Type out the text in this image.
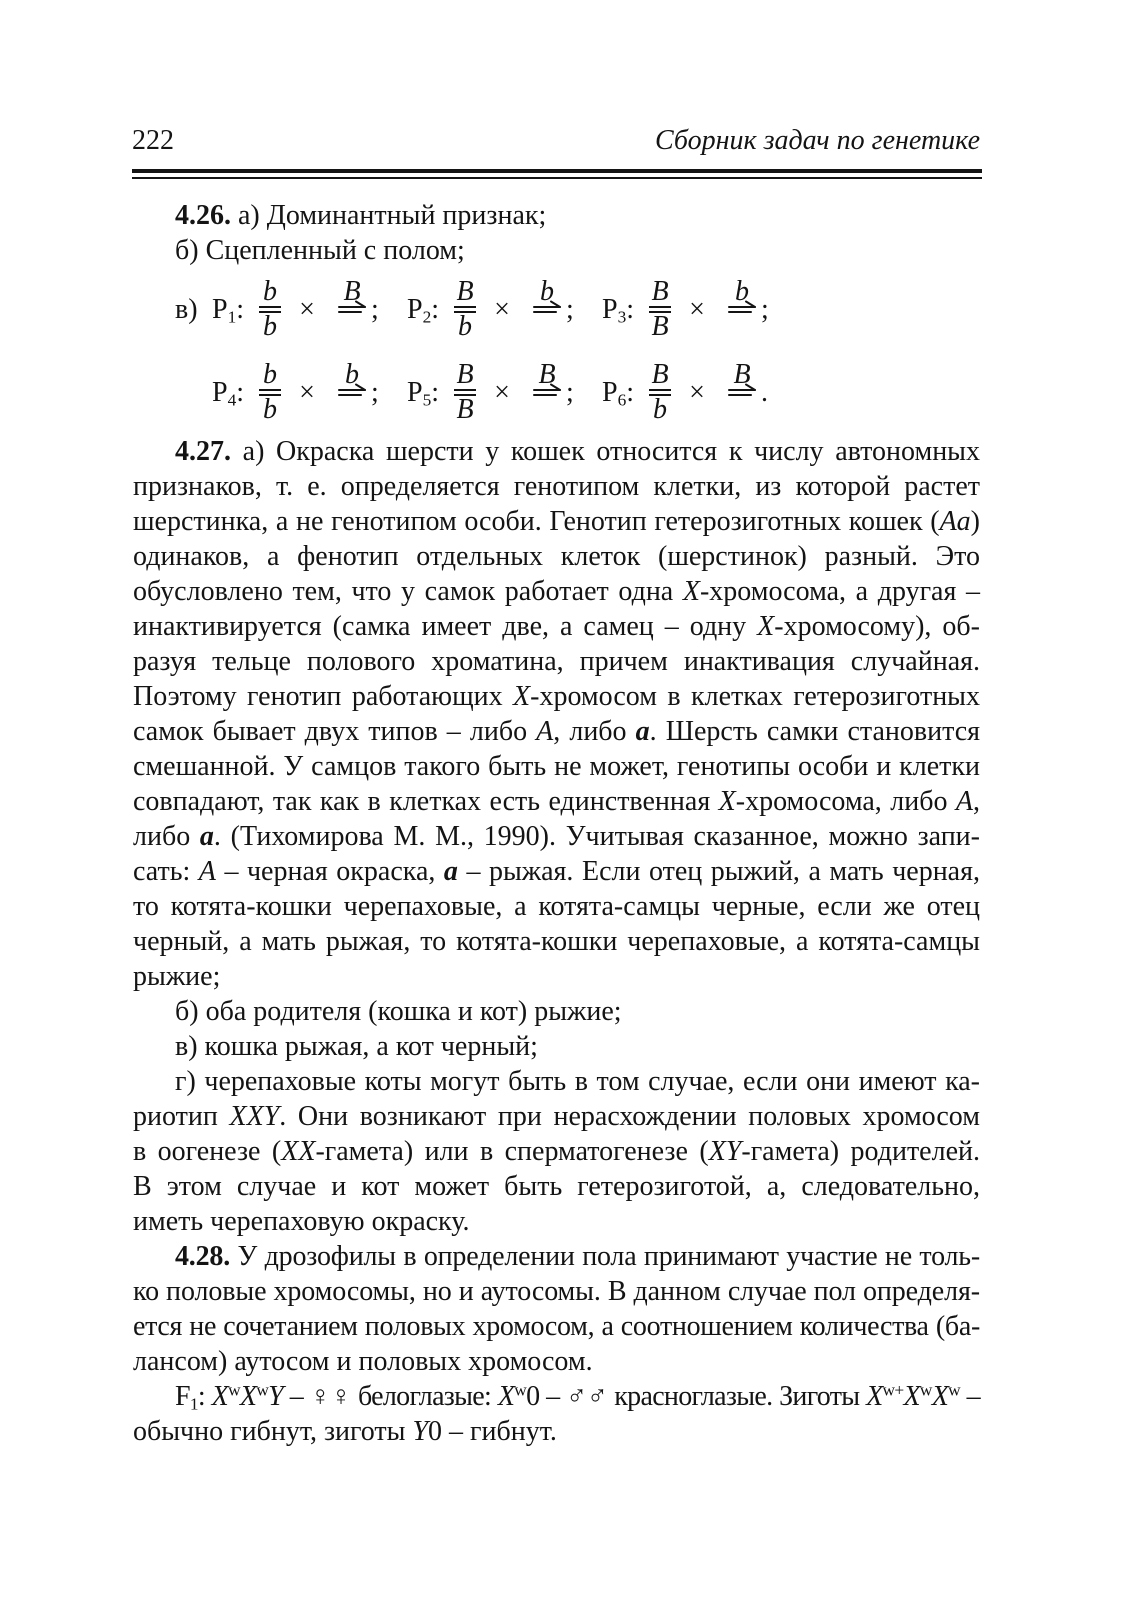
222	Сборник задач по генетике
4.26. а) Доминантный признак;
б) Сцепленный с полом;
в) $P_1$:
b
b
×
B
; $P_2$:
B
b
×
b
; $P_3$:
B
B
×
b
;
$P_4$:
b
b
×
b
; $P_5$:
B
B
×
B
; $P_6$:
B
b
×
B
.
4.27. а) Окраска шерсти у кошек относится к числу автономных
признаков, т. е. определяется генотипом клетки, из которой растет
шерстинка, а не генотипом особи. Генотип гетерозиготных кошек (Aa)
одинаков, а фенотип отдельных клеток (шерстинок) разный. Это
обусловлено тем, что у самок работает одна X-хромосома, а другая –
инактивируется (самка имеет две, а самец – одну X-хромосому), об-
разуя тельце полового хроматина, причем инактивация случайная.
Поэтому генотип работающих X-хромосом в клетках гетерозиготных
самок бывает двух типов – либо A, либо a. Шерсть самки становится
смешанной. У самцов такого быть не может, генотипы особи и клетки
совпадают, так как в клетках есть единственная X-хромосома, либо A,
либо a. (Тихомирова М. М., 1990). Учитывая сказанное, можно запи-
сать: A – черная окраска, a – рыжая. Если отец рыжий, а мать черная,
то котята-кошки черепаховые, а котята-самцы черные, если же отец
черный, а мать рыжая, то котята-кошки черепаховые, а котята-самцы
рыжие;
б) оба родителя (кошка и кот) рыжие;
в) кошка рыжая, а кот черный;
г) черепаховые коты могут быть в том случае, если они имеют ка-
риотип XXY. Они возникают при нерасхождении половых хромосом
в оогенезе (XX-гамета) или в сперматогенезе (XY-гамета) родителей.
В этом случае и кот может быть гетерозиготой, а, следовательно,
иметь черепаховую окраску.
4.28. У дрозофилы в определении пола принимают участие не толь-
ко половые хромосомы, но и аутосомы. В данном случае пол определя-
ется не сочетанием половых хромосом, а соотношением количества (ба-
лансом) аутосом и половых хромосом.
$F_1$: $X^wX^wY$ – ♀♀ белоглазые: $X^w0$ – ♂♂ красноглазые. Зиготы $X^{w+}X^wX^w$ –
обычно гибнут, зиготы Y0 – гибнут.
